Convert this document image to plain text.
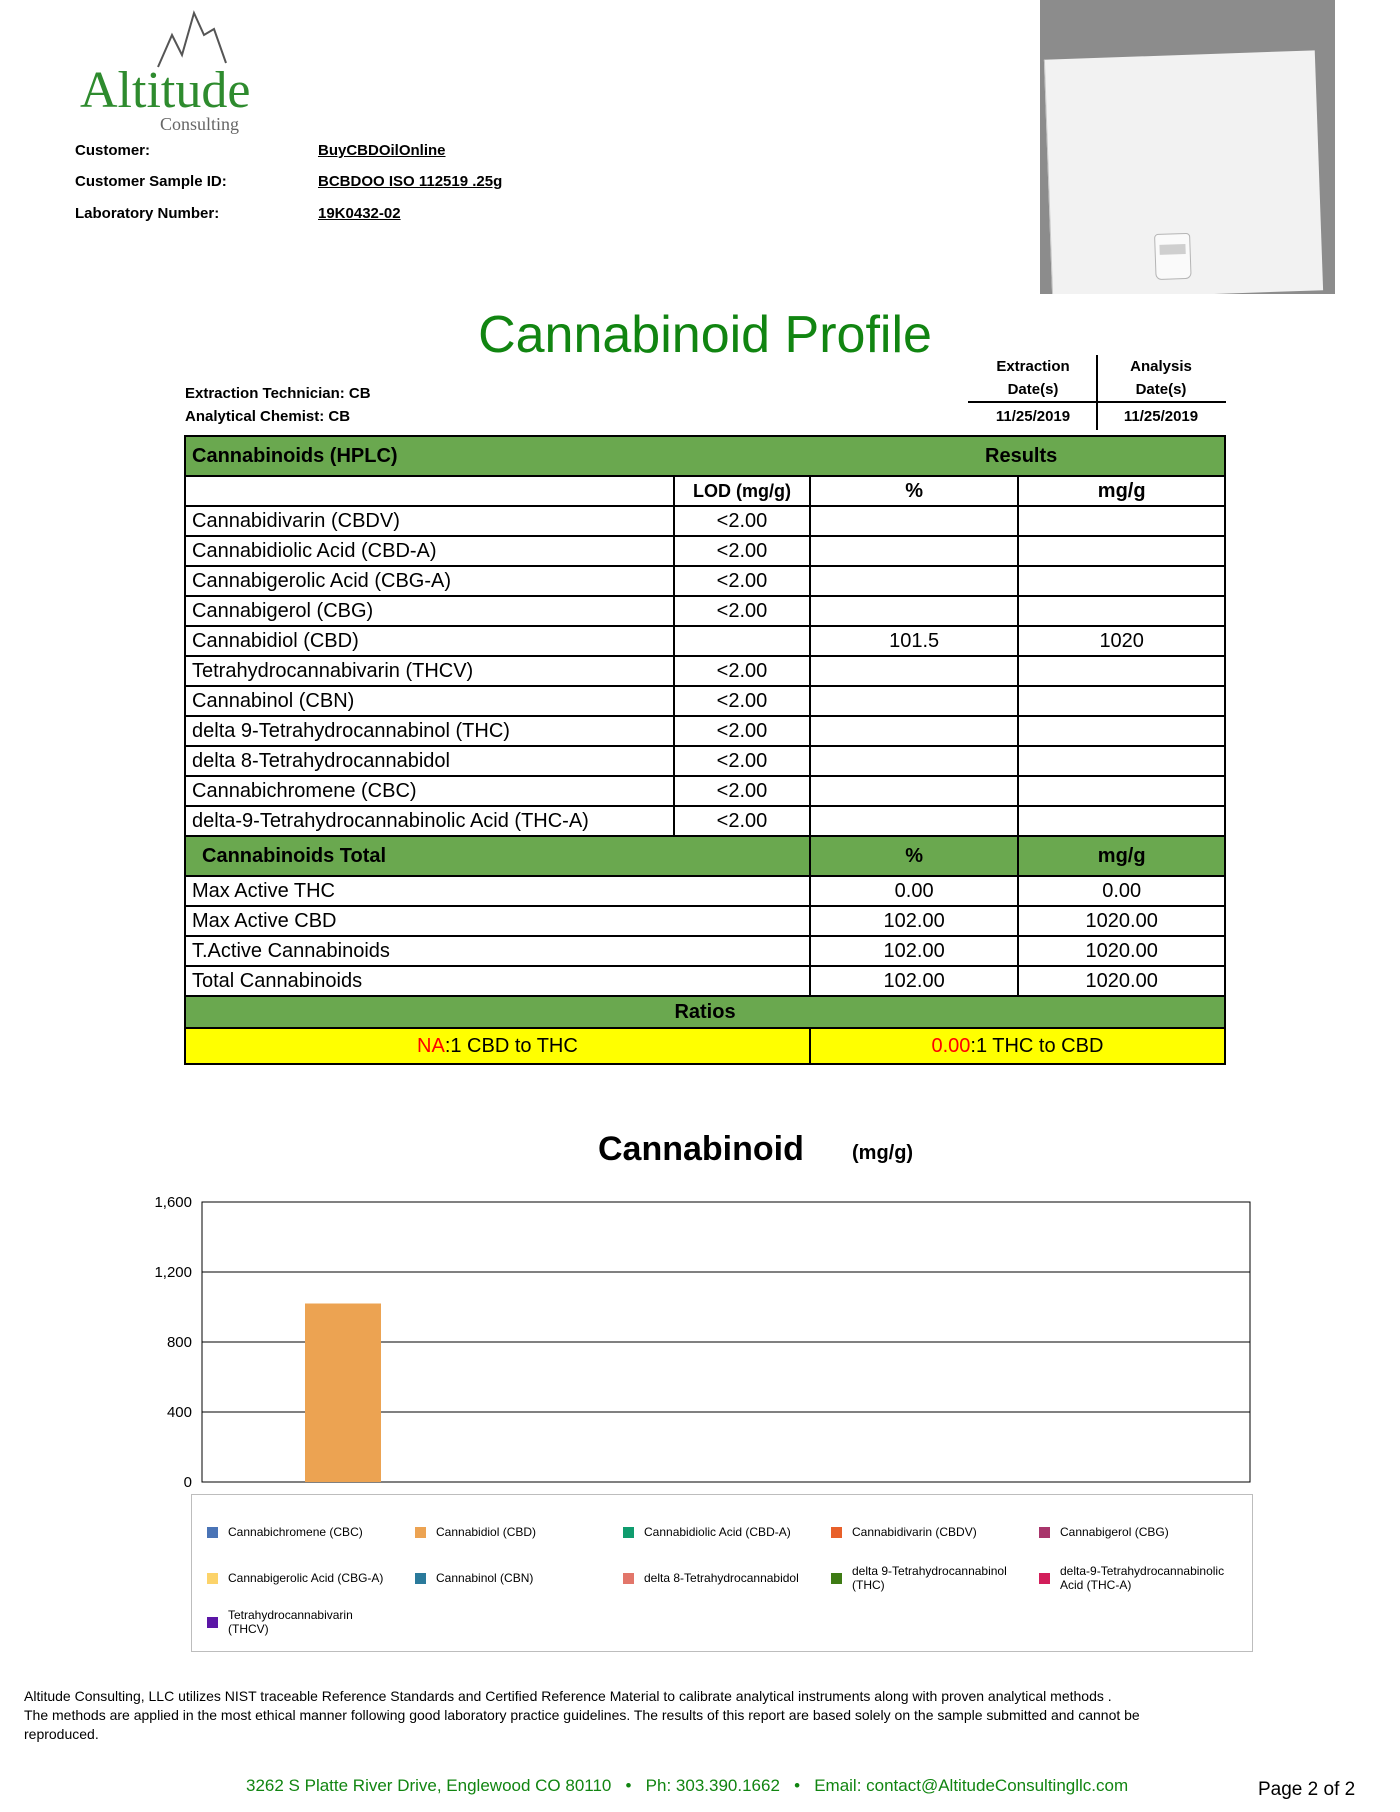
Altitude
Consulting
Customer:	BuyCBDOilOnline
Customer Sample ID:	BCBDOO ISO 112519 .25g
Laboratory Number:	19K0432-02
Cannabinoid Profile
Extraction Technician: CB
Analytical Chemist: CB
Extraction
Date(s)
Analysis
Date(s)
11/25/2019	11/25/2019
Cannabinoids (HPLC) Results			

	LOD (mg/g)	%	mg/g
Cannabidivarin (CBDV)	<2.00		
Cannabidiolic Acid (CBD-A)	<2.00		
Cannabigerolic Acid (CBG-A)	<2.00		
Cannabigerol (CBG)	<2.00		
Cannabidiol (CBD)		101.5	1020
Tetrahydrocannabivarin (THCV)	<2.00		
Cannabinol (CBN)	<2.00		
delta 9-Tetrahydrocannabinol (THC)	<2.00		
delta 8-Tetrahydrocannabidol	<2.00		
Cannabichromene (CBC)	<2.00		
delta-9-Tetrahydrocannabinolic Acid (THC-A)	<2.00		
Cannabinoids Total		%	mg/g
Max Active THC		0.00	0.00
Max Active CBD		102.00	1020.00
T.Active Cannabinoids		102.00	1020.00
Total Cannabinoids		102.00	1020.00
Ratios			
NA:1 CBD to THC		0.00:1 THC to CBD	
Cannabinoid (mg/g)
1,600
1,200
800
400
0
Cannabichromene (CBC)	Cannabidiol (CBD)	Cannabidiolic Acid (CBD-A)	Cannabidivarin (CBDV)	Cannabigerol (CBG)
Cannabigerolic Acid (CBG-A)	Cannabinol (CBN)	delta 8-Tetrahydrocannabidol	delta 9-Tetrahydrocannabinol
(THC)
delta-9-Tetrahydrocannabinolic
Acid (THC-A)
Tetrahydrocannabivarin
(THCV)
Altitude Consulting, LLC utilizes NIST traceable Reference Standards and Certified Reference Material to calibrate analytical instruments along with proven analytical methods .
The methods are applied in the most ethical manner following good laboratory practice guidelines. The results of this report are based solely on the sample submitted and cannot be
reproduced.
3262 S Platte River Drive, Englewood CO 80110   •   Ph: 303.390.1662   •   Email: contact@AltitudeConsultingllc.com	Page 2 of 2
